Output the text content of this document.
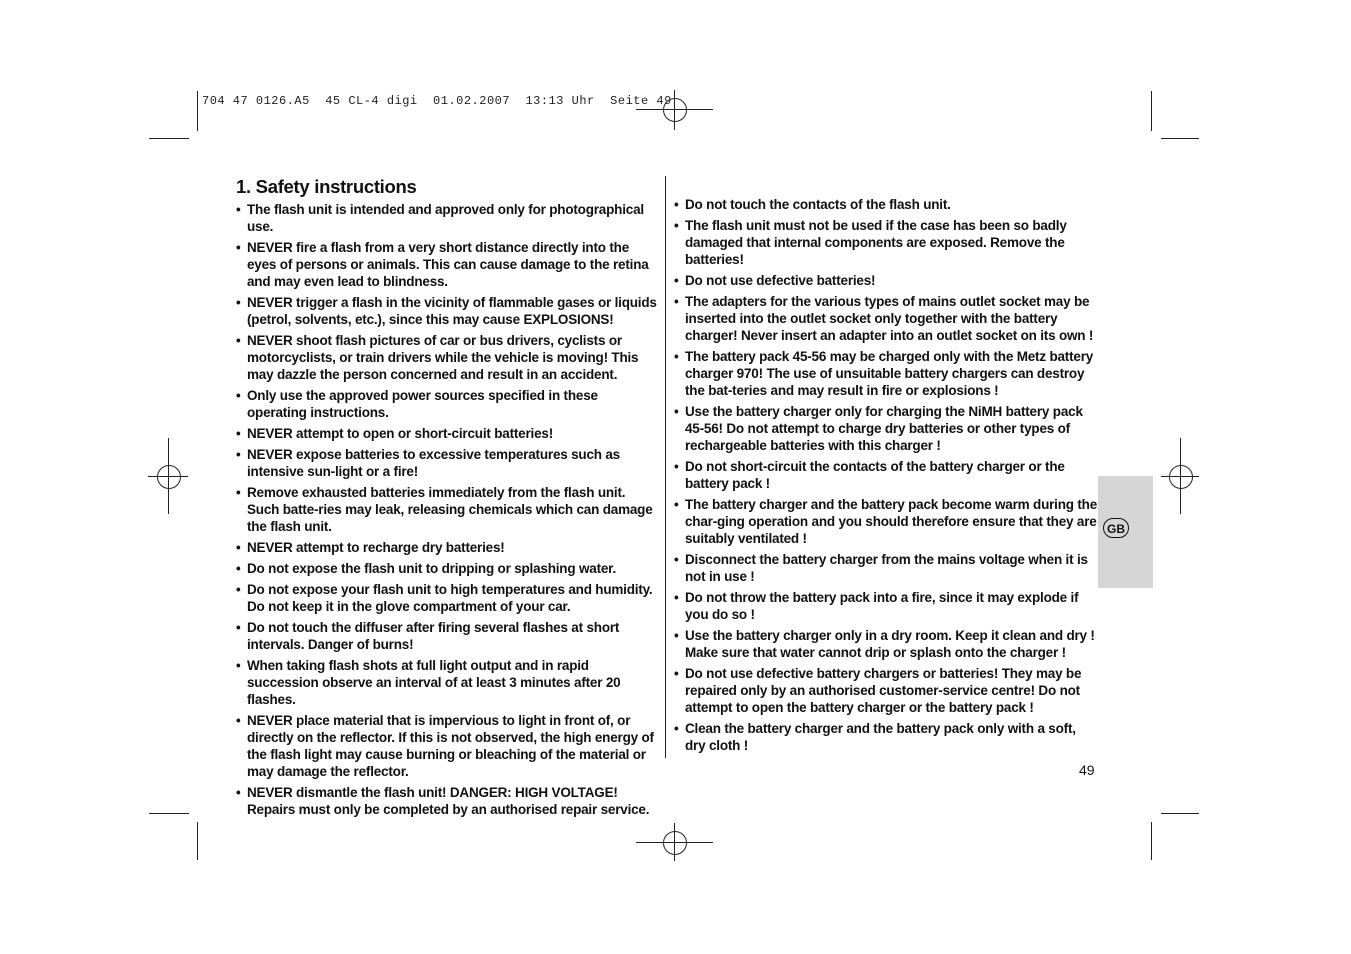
704 47 0126.A5  45 CL-4 digi  01.02.2007  13:13 Uhr  Seite 49
1. Safety instructions
• The flash unit is intended and approved only for photographical use.
• NEVER fire a flash from a very short distance directly into the eyes of persons or animals. This can cause damage to the retina and may even lead to blindness.
• NEVER trigger a flash in the vicinity of flammable gases or liquids (petrol, solvents, etc.), since this may cause EXPLOSIONS!
• NEVER shoot flash pictures of car or bus drivers, cyclists or motorcyclists, or train drivers while the vehicle is moving! This may dazzle the person concerned and result in an accident.
• Only use the approved power sources specified in these operating instructions.
• NEVER attempt to open or short-circuit batteries!
• NEVER expose batteries to excessive temperatures such as intensive sun-light or a fire!
• Remove exhausted batteries immediately from the flash unit. Such batte-ries may leak, releasing chemicals which can damage the flash unit.
• NEVER attempt to recharge dry batteries!
• Do not expose the flash unit to dripping or splashing water.
• Do not expose your flash unit to high temperatures and humidity. Do not keep it in the glove compartment of your car.
• Do not touch the diffuser after firing several flashes at short intervals. Danger of burns!
• When taking flash shots at full light output and in rapid succession observe an interval of at least 3 minutes after 20 flashes.
• NEVER place material that is impervious to light in front of, or directly on the reflector. If this is not observed, the high energy of the flash light may cause burning or bleaching of the material or may damage the reflector.
• NEVER dismantle the flash unit! DANGER: HIGH VOLTAGE! Repairs must only be completed by an authorised repair service.
• Do not touch the contacts of the flash unit.
• The flash unit must not be used if the case has been so badly damaged that internal components are exposed. Remove the batteries!
• Do not use defective batteries!
• The adapters for the various types of mains outlet socket may be inserted into the outlet socket only together with the battery charger! Never insert an adapter into an outlet socket on its own !
• The battery pack 45-56 may be charged only with the Metz battery charger 970! The use of unsuitable battery chargers can destroy the bat-teries and may result in fire or explosions !
• Use the battery charger only for charging the NiMH battery pack 45-56! Do not attempt to charge dry batteries or other types of rechargeable batteries with this charger !
• Do not short-circuit the contacts of the battery charger or the battery pack !
• The battery charger and the battery pack become warm during the char-ging operation and you should therefore ensure that they are suitably ventilated !
• Disconnect the battery charger from the mains voltage when it is not in use !
• Do not throw the battery pack into a fire, since it may explode if you do so !
• Use the battery charger only in a dry room. Keep it clean and dry ! Make sure that water cannot drip or splash onto the charger !
• Do not use defective battery chargers or batteries! They may be repaired only by an authorised customer-service centre! Do not attempt to open the battery charger or the battery pack !
• Clean the battery charger and the battery pack only with a soft, dry cloth !
GB
49
